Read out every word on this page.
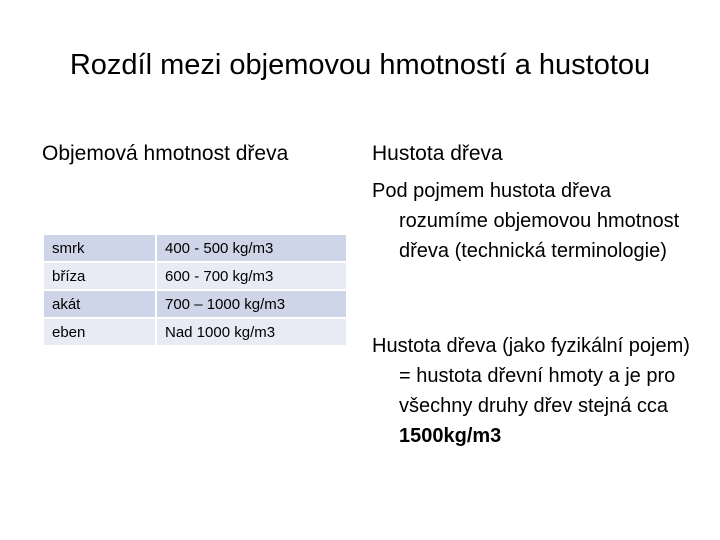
Rozdíl mezi objemovou hmotností a hustotou
Objemová hmotnost dřeva
smrk	400 - 500 kg/m3
bříza	600 - 700 kg/m3
akát	700 – 1000 kg/m3
eben	Nad 1000 kg/m3
Hustota dřeva

Pod pojmem hustota dřeva rozumíme objemovou hmotnost dřeva (technická terminologie)

Hustota dřeva (jako fyzikální pojem) = hustota dřevní hmoty a je pro všechny druhy dřev stejná cca 1500kg/m3
